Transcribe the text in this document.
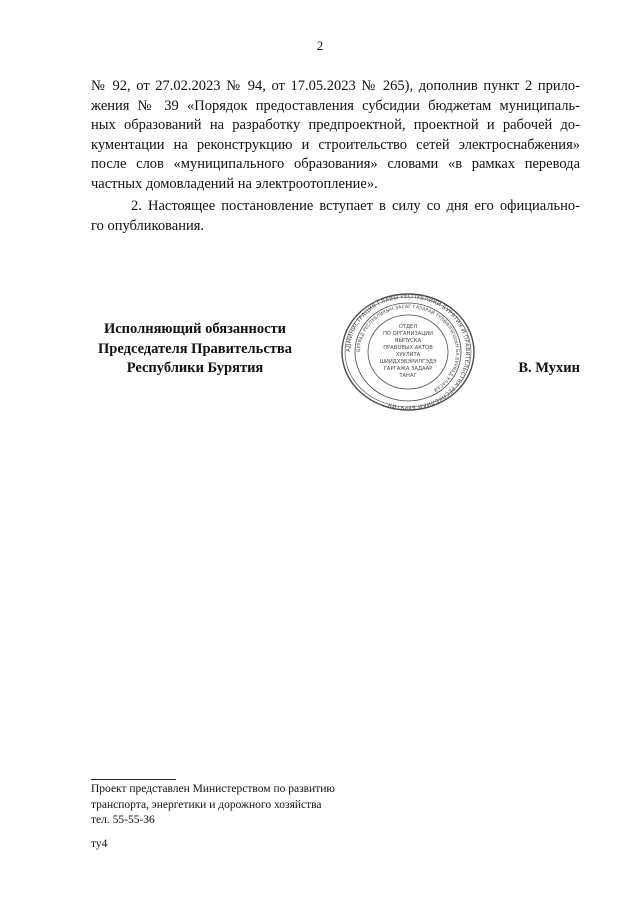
2
№ 92, от 27.02.2023 № 94, от 17.05.2023 № 265), дополнив пункт 2 прило-
жения № 39 «Порядок предоставления субсидии бюджетам муниципаль-
ных образований на разработку предпроектной, проектной и рабочей до-
кументации на реконструкцию и строительство сетей электроснабжения»
после слов «муниципального образования» словами «в рамках перевода
частных домовладений на электроотопление».
2. Настоящее постановление вступает в силу со дня его официально-
го опубликования.
Исполняющий обязанности
Председателя Правительства
Республики Бурятия
АДМИНИСТРАЦИЯ ГЛАВЫ РЕСПУБЛИКИ БУРЯТИЯ И ПРАВИТЕЛЬСТВА РЕСПУБЛИКИ БУРЯТИЯ
БУРЯАД РЕСПУБЛИКЫН ЗАСАГ ГАЗАРАЙ ТҮЛӨӨЛЭГШЫН БА БУРЯАД УЛАСАЙ
ОТДЕЛ
ПО ОРГАНИЗАЦИИ
ВЫПУСКА
ПРАВОВЫХ АКТОВ
ХУУЛИТА
ШИИДХЭБЭРИЛГЭДЭ
ГАРГАЖА ЗАДААР
ТАНАГ	В. Мухин
Проект представлен Министерством по развитию
транспорта, энергетики и дорожного хозяйства
тел. 55-55-36
ту4
